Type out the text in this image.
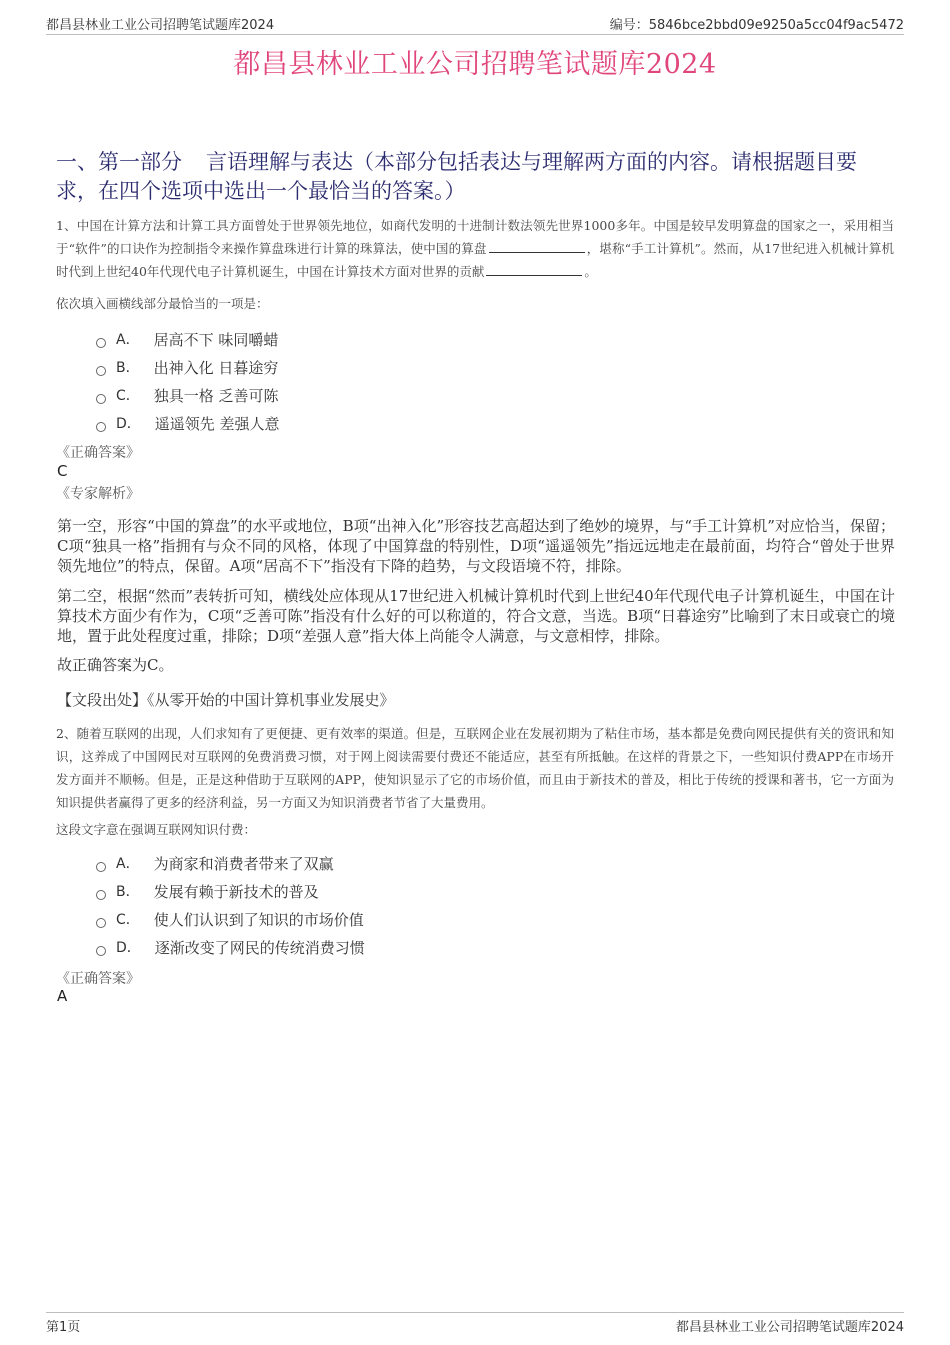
都昌县林业工业公司招聘笔试题库2024	编号：5846bce2bbd09e9250a5cc04f9ac5472
都昌县林业工业公司招聘笔试题库2024
一、第一部分 言语理解与表达（本部分包括表达与理解两方面的内容。请根据题目要求，在四个选项中选出一个最恰当的答案。）
1、中国在计算方法和计算工具方面曾处于世界领先地位，如商代发明的十进制计数法领先世界1000多年。中国是较早发明算盘的国家之一，采用相当于“软件”的口诀作为控制指令来操作算盘珠进行计算的珠算法，使中国的算盘	，堪称“手工计算机”。然而，从17世纪进入机械计算机时代到上世纪40年代现代电子计算机诞生，中国在计算技术方面对世界的贡献	。
依次填入画横线部分最恰当的一项是：
A． 居高不下 味同嚼蜡
B． 出神入化 日暮途穷
C． 独具一格 乏善可陈
D． 遥遥领先 差强人意
《正确答案》
C
《专家解析》
第一空，形容“中国的算盘”的水平或地位，B项“出神入化”形容技艺高超达到了绝妙的境界，与“手工计算机”对应恰当，保留；C项“独具一格”指拥有与众不同的风格，体现了中国算盘的特别性，D项“遥遥领先”指远远地走在最前面，均符合“曾处于世界领先地位”的特点，保留。A项“居高不下”指没有下降的趋势，与文段语境不符，排除。
第二空，根据“然而”表转折可知，横线处应体现从17世纪进入机械计算机时代到上世纪40年代现代电子计算机诞生，中国在计算技术方面少有作为，C项“乏善可陈”指没有什么好的可以称道的，符合文意，当选。B项“日暮途穷”比喻到了末日或衰亡的境地，置于此处程度过重，排除；D项“差强人意”指大体上尚能令人满意，与文意相悖，排除。
故正确答案为C。
【文段出处】《从零开始的中国计算机事业发展史》
2、随着互联网的出现，人们求知有了更便捷、更有效率的渠道。但是，互联网企业在发展初期为了粘住市场，基本都是免费向网民提供有关的资讯和知识，这养成了中国网民对互联网的免费消费习惯，对于网上阅读需要付费还不能适应，甚至有所抵触。在这样的背景之下，一些知识付费APP在市场开发方面并不顺畅。但是，正是这种借助于互联网的APP，使知识显示了它的市场价值，而且由于新技术的普及，相比于传统的授课和著书，它一方面为知识提供者赢得了更多的经济利益，另一方面又为知识消费者节省了大量费用。
这段文字意在强调互联网知识付费：
A． 为商家和消费者带来了双赢
B． 发展有赖于新技术的普及
C． 使人们认识到了知识的市场价值
D． 逐渐改变了网民的传统消费习惯
《正确答案》
A
第1页	都昌县林业工业公司招聘笔试题库2024
